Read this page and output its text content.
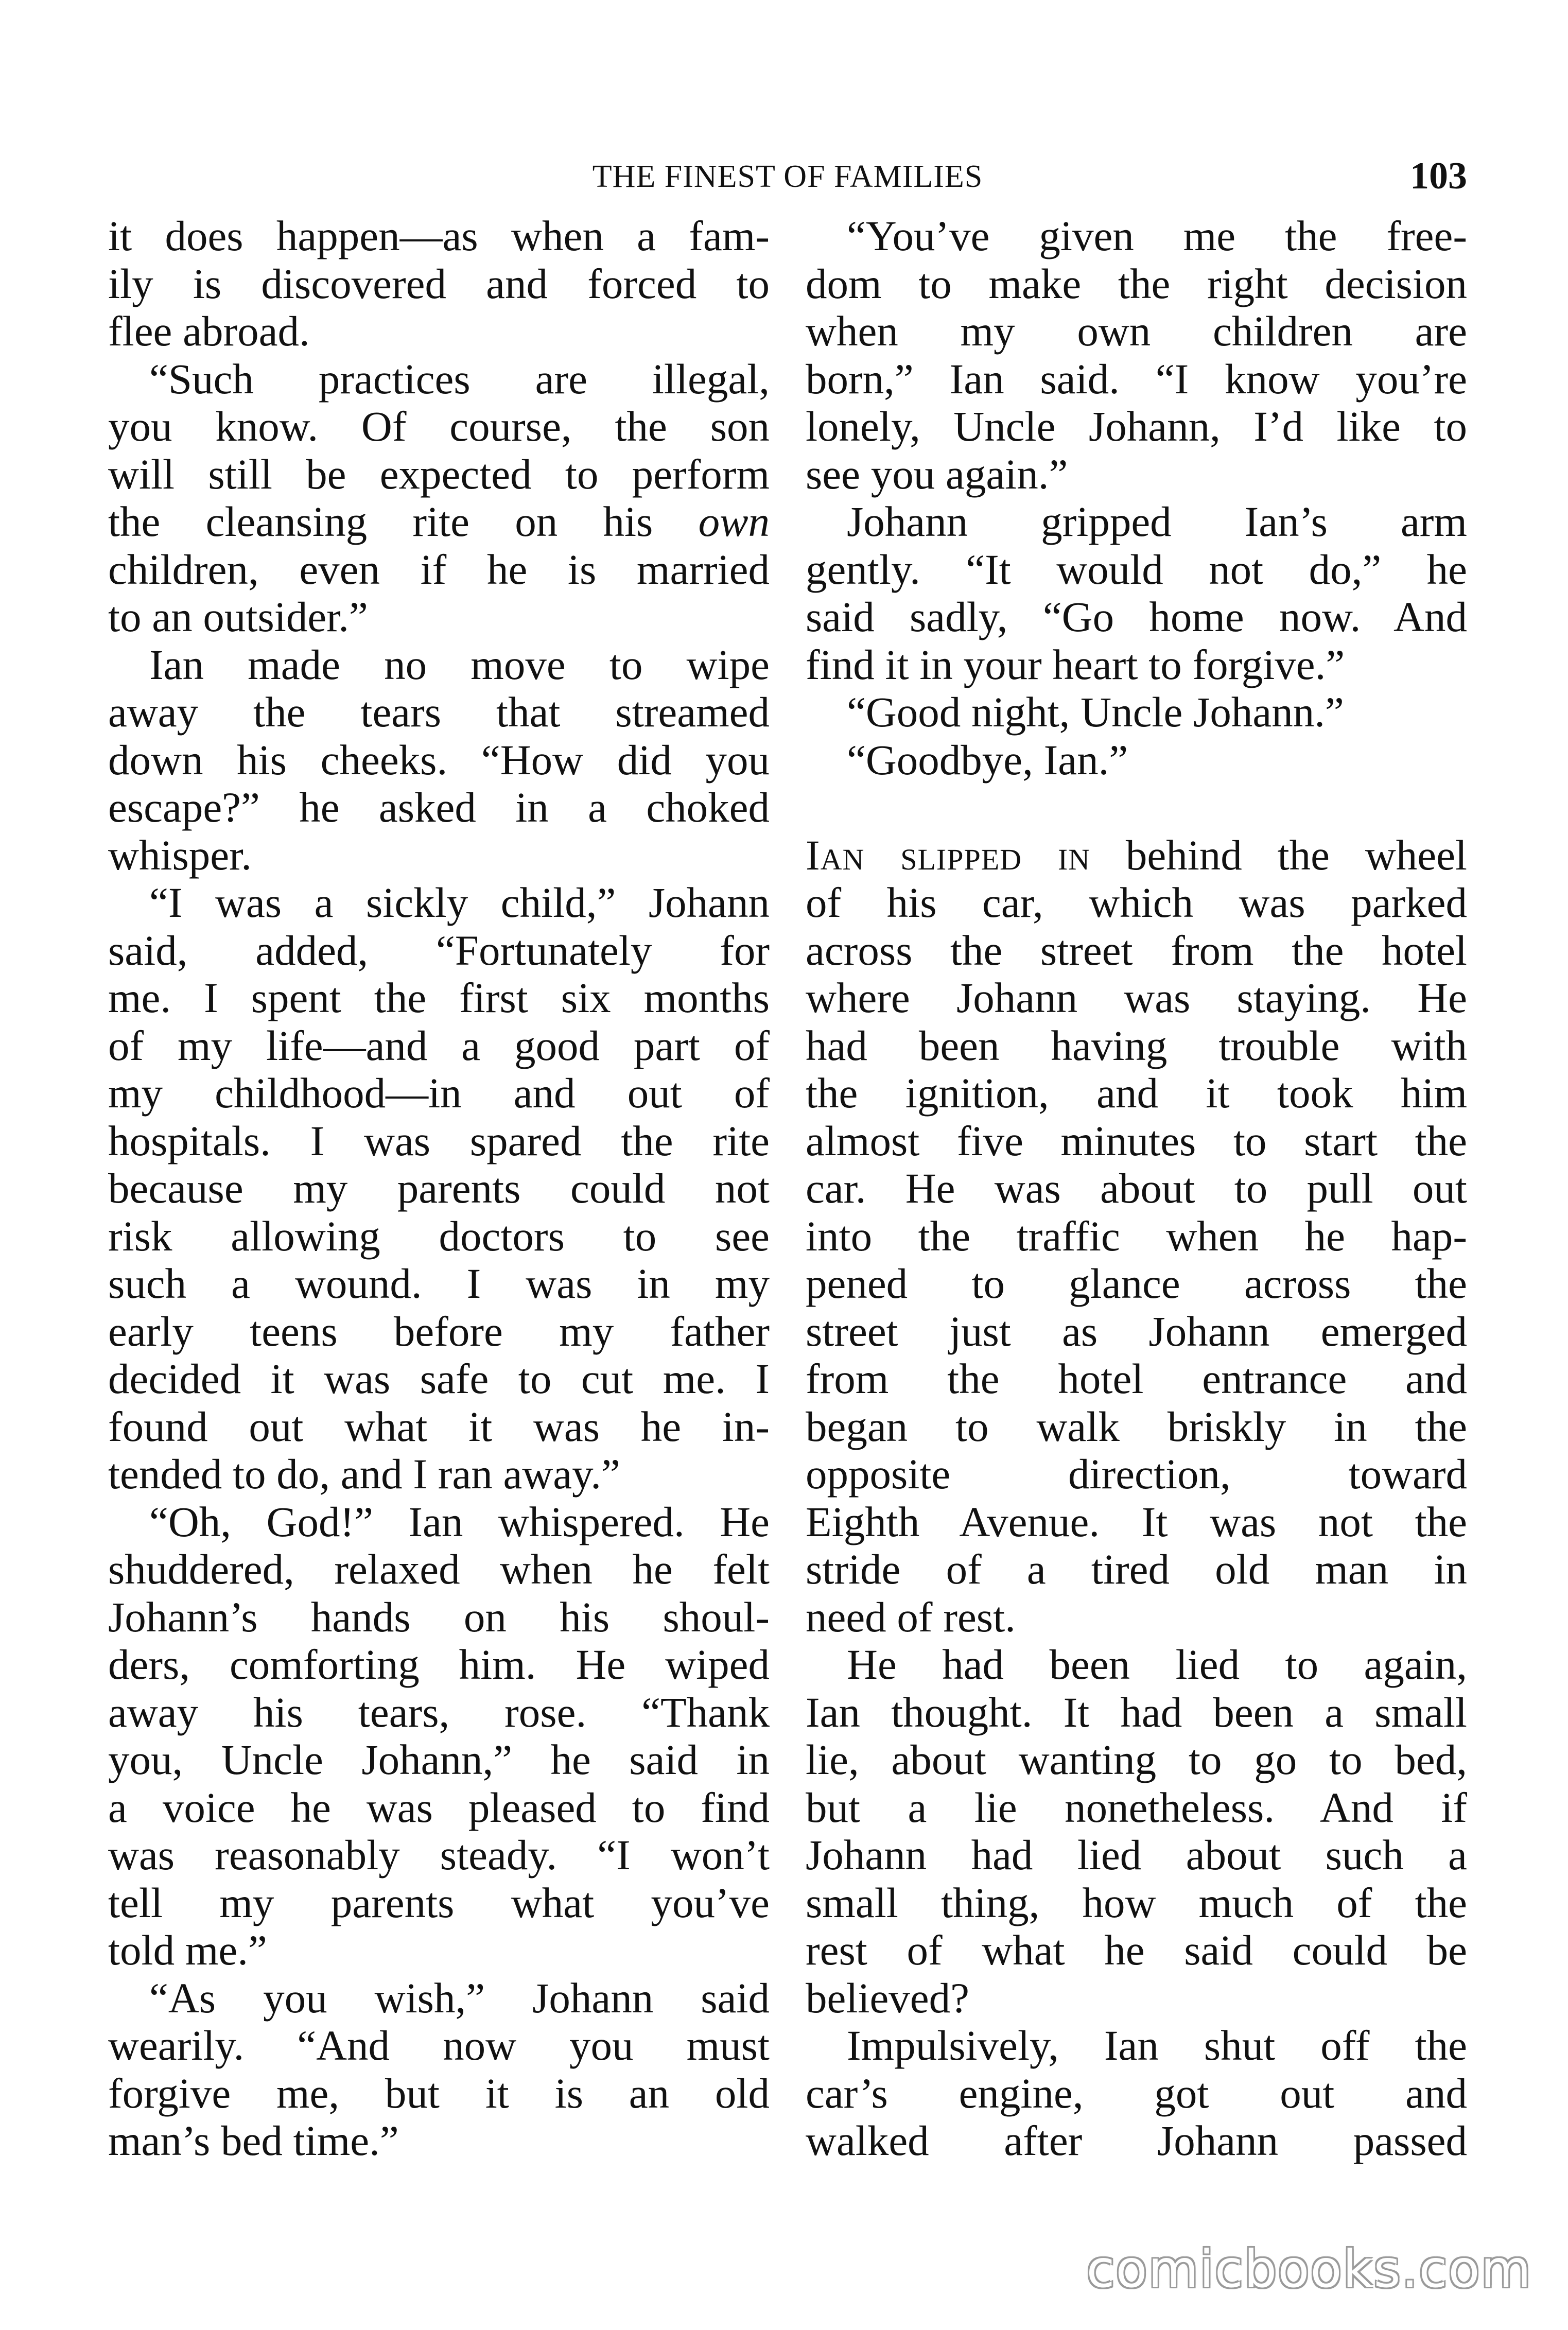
THE FINEST OF FAMILIES	103
it does happen—as when a fam-
ily is discovered and forced to
flee abroad.
“Such practices are illegal,
you know. Of course, the son
will still be expected to perform
the cleansing rite on his own
children, even if he is married
to an outsider.”
Ian made no move to wipe
away the tears that streamed
down his cheeks. “How did you
escape?” he asked in a choked
whisper.
“I was a sickly child,” Johann
said, added, “Fortunately for
me. I spent the first six months
of my life—and a good part of
my childhood—in and out of
hospitals. I was spared the rite
because my parents could not
risk allowing doctors to see
such a wound. I was in my
early teens before my father
decided it was safe to cut me. I
found out what it was he in-
tended to do, and I ran away.”
“Oh, God!” Ian whispered. He
shuddered, relaxed when he felt
Johann’s hands on his shoul-
ders, comforting him. He wiped
away his tears, rose. “Thank
you, Uncle Johann,” he said in
a voice he was pleased to find
was reasonably steady. “I won’t
tell my parents what you’ve
told me.”
“As you wish,” Johann said
wearily. “And now you must
forgive me, but it is an old
man’s bed time.”
“You’ve given me the free-
dom to make the right decision
when my own children are
born,” Ian said. “I know you’re
lonely, Uncle Johann, I’d like to
see you again.”
Johann gripped Ian’s arm
gently. “It would not do,” he
said sadly, “Go home now. And
find it in your heart to forgive.”
“Good night, Uncle Johann.”
“Goodbye, Ian.”
Ian slipped in behind the wheel
of his car, which was parked
across the street from the hotel
where Johann was staying. He
had been having trouble with
the ignition, and it took him
almost five minutes to start the
car. He was about to pull out
into the traffic when he hap-
pened to glance across the
street just as Johann emerged
from the hotel entrance and
began to walk briskly in the
opposite direction, toward
Eighth Avenue. It was not the
stride of a tired old man in
need of rest.
He had been lied to again,
Ian thought. It had been a small
lie, about wanting to go to bed,
but a lie nonetheless. And if
Johann had lied about such a
small thing, how much of the
rest of what he said could be
believed?
Impulsively, Ian shut off the
car’s engine, got out and
walked after Johann passed
comicbooks.com
